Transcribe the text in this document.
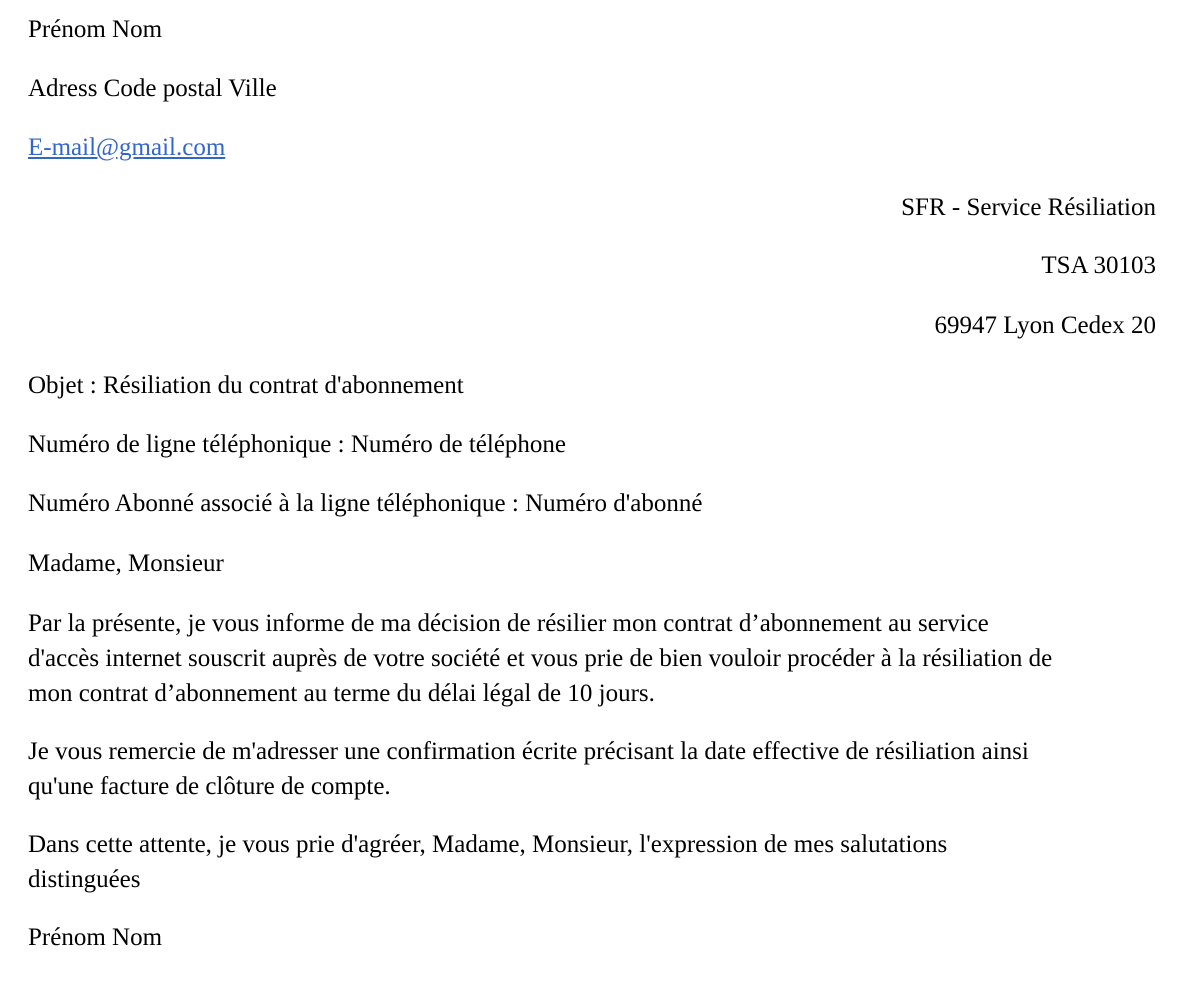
Prénom Nom
Adress Code postal Ville
E-mail@gmail.com
SFR - Service Résiliation
TSA 30103
69947 Lyon Cedex 20
Objet : Résiliation du contrat d'abonnement
Numéro de ligne téléphonique : Numéro de téléphone
Numéro Abonné associé à la ligne téléphonique : Numéro d'abonné
Madame, Monsieur
Par la présente, je vous informe de ma décision de résilier mon contrat d’abonnement au service
d'accès internet souscrit auprès de votre société et vous prie de bien vouloir procéder à la résiliation de
mon contrat d’abonnement au terme du délai légal de 10 jours.
Je vous remercie de m'adresser une confirmation écrite précisant la date effective de résiliation ainsi
qu'une facture de clôture de compte.
Dans cette attente, je vous prie d'agréer, Madame, Monsieur, l'expression de mes salutations
distinguées
Prénom Nom
